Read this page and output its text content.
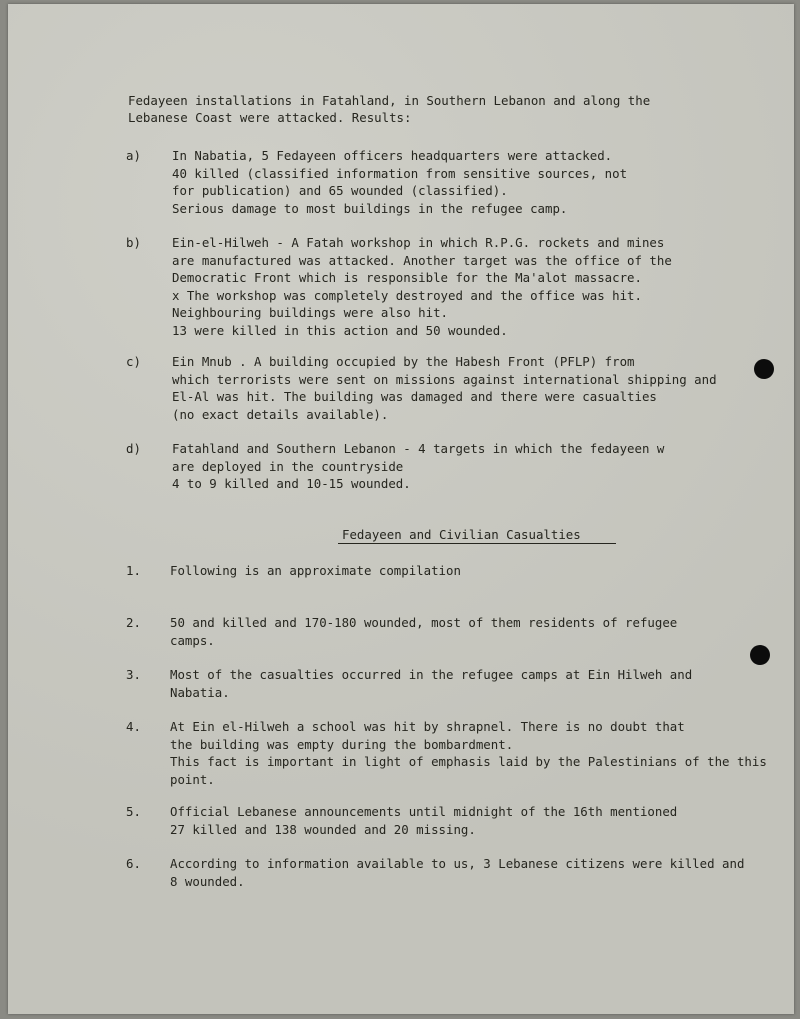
Fedayeen installations in Fatahland, in Southern Lebanon and along the
Lebanese Coast were attacked. Results:
a)	In Nabatia, 5 Fedayeen officers headquarters were attacked.
40 killed (classified information from sensitive sources, not
for publication) and 65 wounded (classified).
Serious damage to most buildings in the refugee camp.
b)	Ein-el-Hilweh - A Fatah workshop in which R.P.G. rockets and mines
are manufactured was attacked. Another target was the office of the
Democratic Front which is responsible for the Ma'alot massacre.
x The workshop was completely destroyed and the office was hit.
Neighbouring buildings were also hit.
13 were killed in this action and 50 wounded.
c)	Ein Mnub . A building occupied by the Habesh Front (PFLP) from
which terrorists were sent on missions against international shipping and
El-Al was hit. The building was damaged and there were casualties
(no exact details available).
d)	Fatahland and Southern Lebanon - 4 targets in which the fedayeen w
are deployed in the countryside
4 to 9 killed and 10-15 wounded.
Fedayeen and Civilian Casualties
1. Following is an approximate compilation
2. 50 and killed and 170-180 wounded, most of them residents of refugee
camps.
3. Most of the casualties occurred in the refugee camps at Ein Hilweh and
Nabatia.
4. At Ein el-Hilweh a school was hit by shrapnel. There is no doubt that
the building was empty during the bombardment.
This fact is important in light of emphasis laid by the Palestinians of the this
point.
5. Official Lebanese announcements until midnight of the 16th mentioned
27 killed and 138 wounded and 20 missing.
6. According to information available to us, 3 Lebanese citizens were killed and
8 wounded.
